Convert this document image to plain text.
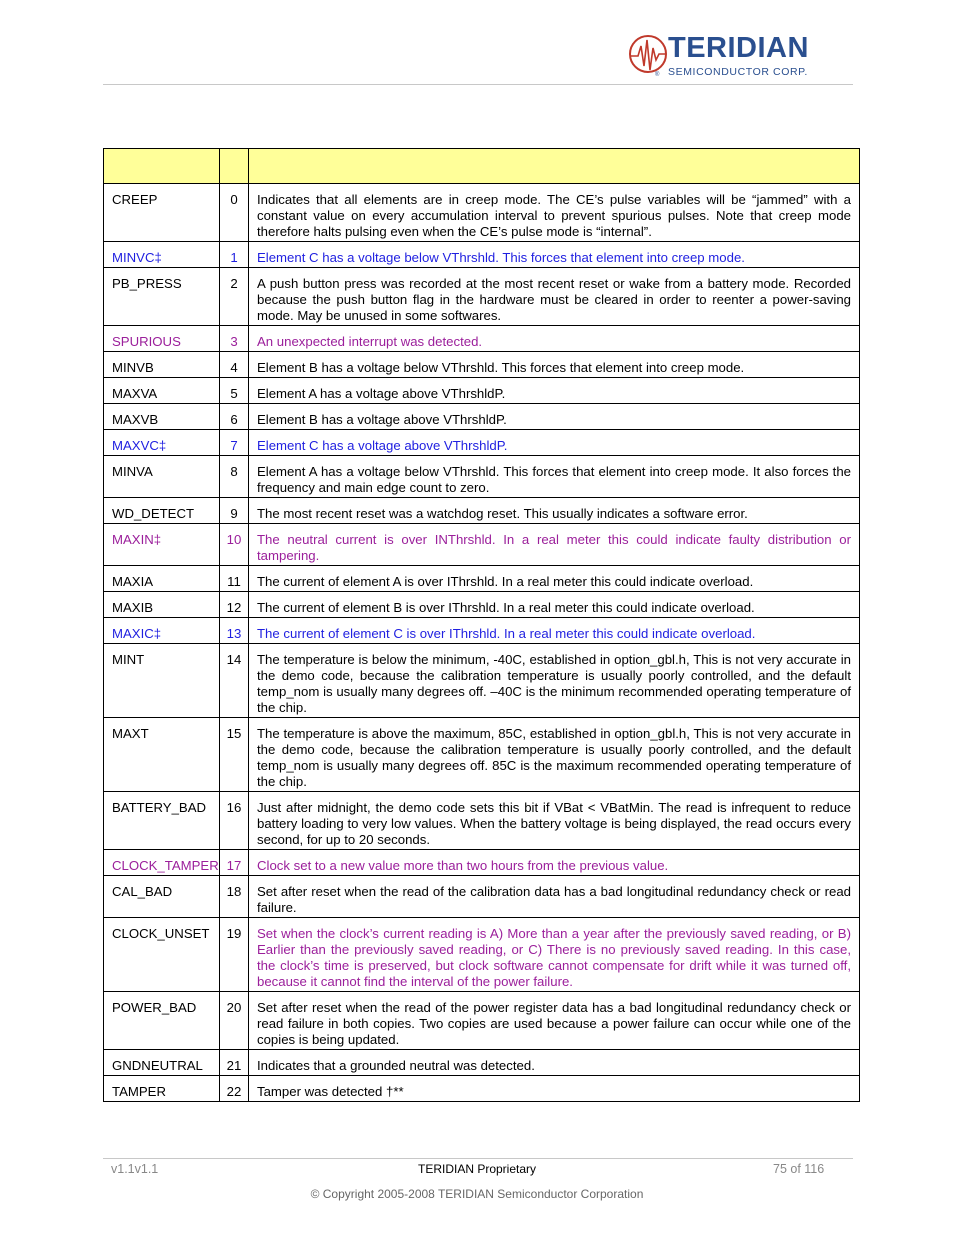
®
TERIDIAN
SEMICONDUCTOR CORP.

CREEP	0	Indicates that all elements are in creep mode. The CE’s pulse variables will be “jammed” with a constant value on every accumulation interval to prevent spurious pulses. Note that creep mode therefore halts pulsing even when the CE’s pulse mode is “internal”.
MINVC‡	1	Element C has a voltage below VThrshld. This forces that element into creep mode.
PB_PRESS	2	A push button press was recorded at the most recent reset or wake from a battery mode. Recorded because the push button flag in the hardware must be cleared in order to reenter a power-saving mode. May be unused in some softwares.
SPURIOUS	3	An unexpected interrupt was detected.
MINVB	4	Element B has a voltage below VThrshld. This forces that element into creep mode.
MAXVA	5	Element A has a voltage above VThrshldP.
MAXVB	6	Element B has a voltage above VThrshldP.
MAXVC‡	7	Element C has a voltage above VThrshldP.
MINVA	8	Element A has a voltage below VThrshld. This forces that element into creep mode. It also forces the frequency and main edge count to zero.
WD_DETECT	9	The most recent reset was a watchdog reset. This usually indicates a software error.
MAXIN‡	10	The neutral current is over INThrshld. In a real meter this could indicate faulty distribution or tampering.
MAXIA	11	The current of element A is over IThrshld. In a real meter this could indicate overload.
MAXIB	12	The current of element B is over IThrshld. In a real meter this could indicate overload.
MAXIC‡	13	The current of element C is over IThrshld. In a real meter this could indicate overload.
MINT	14	The temperature is below the minimum, -40C, established in option_gbl.h, This is not very accurate in the demo code, because the calibration temperature is usually poorly controlled, and the default temp_nom is usually many degrees off. –40C is the minimum recommended operating temperature of the chip.
MAXT	15	The temperature is above the maximum, 85C, established in option_gbl.h, This is not very accurate in the demo code, because the calibration temperature is usually poorly controlled, and the default temp_nom is usually many degrees off. 85C is the maximum recommended operating temperature of the chip.
BATTERY_BAD	16	Just after midnight, the demo code sets this bit if VBat < VBatMin. The read is infrequent to reduce battery loading to very low values. When the battery voltage is being displayed, the read occurs every second, for up to 20 seconds.
CLOCK_TAMPER	17	Clock set to a new value more than two hours from the previous value.
CAL_BAD	18	Set after reset when the read of the calibration data has a bad longitudinal redundancy check or read failure.
CLOCK_UNSET	19	Set when the clock’s current reading is A) More than a year after the previously saved reading, or B) Earlier than the previously saved reading, or C) There is no previously saved reading. In this case, the clock’s time is preserved, but clock software cannot compensate for drift while it was turned off, because it cannot find the interval of the power failure.
POWER_BAD	20	Set after reset when the read of the power register data has a bad longitudinal redundancy check or read failure in both copies. Two copies are used because a power failure can occur while one of the copies is being updated.
GNDNEUTRAL	21	Indicates that a grounded neutral was detected.
TAMPER	22	Tamper was detected †**
v1.1v1.1	TERIDIAN Proprietary	75 of 116
© Copyright 2005-2008 TERIDIAN Semiconductor Corporation
